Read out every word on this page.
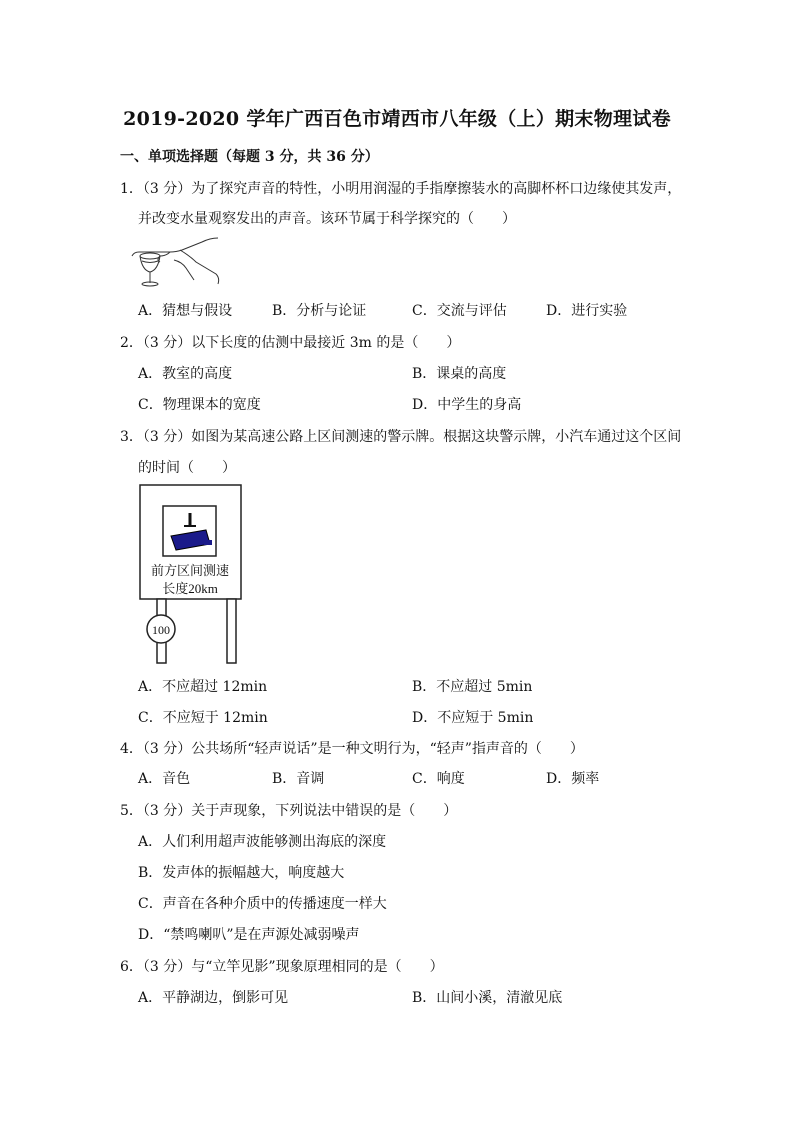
2019-2020 学年广西百色市靖西市八年级（上）期末物理试卷
一、单项选择题（每题 3 分，共 36 分）
1．（3 分）为了探究声音的特性，小明用润湿的手指摩擦装水的高脚杯杯口边缘使其发声，
并改变水量观察发出的声音。该环节属于科学探究的（　　）
A．猜想与假设	B．分析与论证	C．交流与评估	D．进行实验
2．（3 分）以下长度的估测中最接近 3m 的是（　　）
A．教室的高度	B．课桌的高度
C．物理课本的宽度	D．中学生的身高
3．（3 分）如图为某高速公路上区间测速的警示牌。根据这块警示牌，小汽车通过这个区间
的时间（　　）
前方区间测速
长度20km
100
A．不应超过 12min	B．不应超过 5min
C．不应短于 12min	D．不应短于 5min
4．（3 分）公共场所“轻声说话”是一种文明行为，“轻声”指声音的（　　）
A．音色	B．音调	C．响度	D．频率
5．（3 分）关于声现象，下列说法中错误的是（　　）
A．人们利用超声波能够测出海底的深度
B．发声体的振幅越大，响度越大
C．声音在各种介质中的传播速度一样大
D．“禁鸣喇叭”是在声源处减弱噪声
6．（3 分）与“立竿见影”现象原理相同的是（　　）
A．平静湖边，倒影可见	B．山间小溪，清澈见底
